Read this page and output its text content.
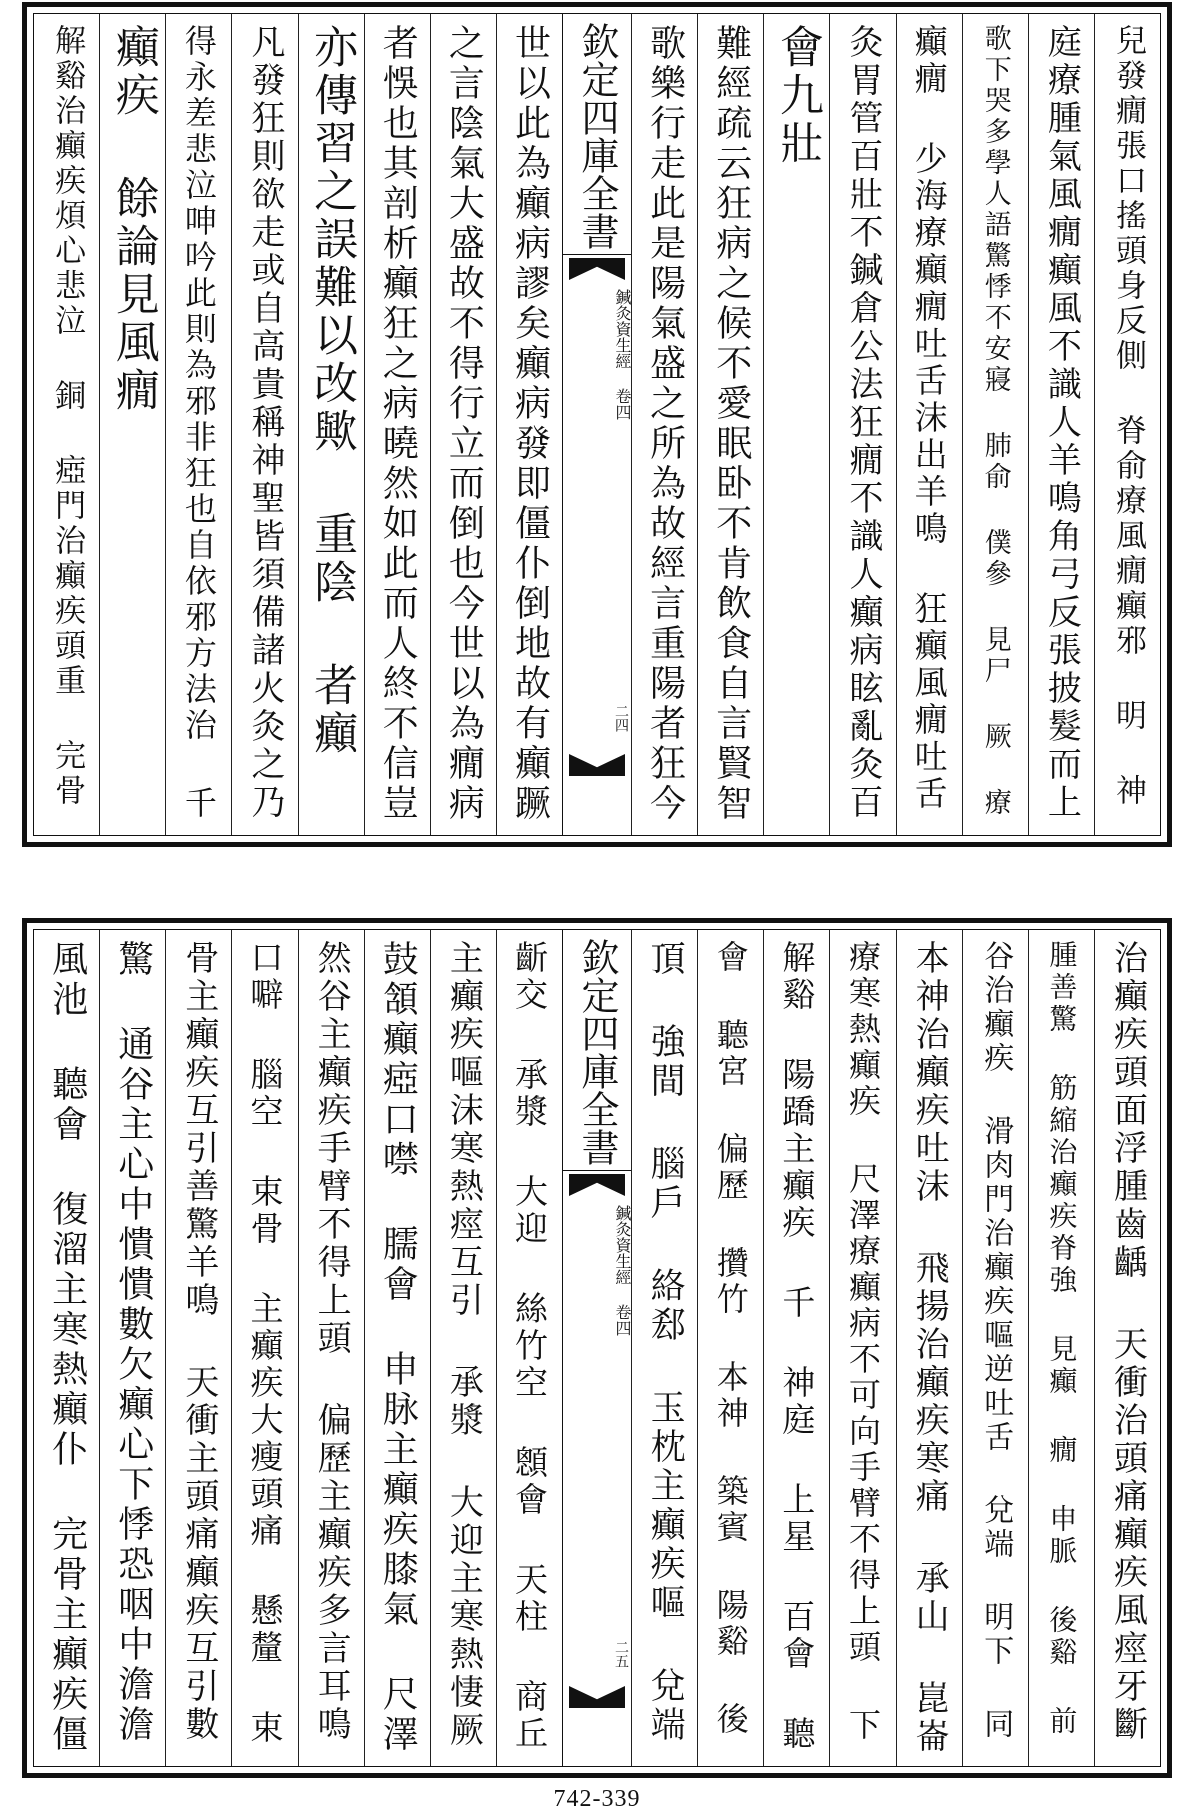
兒發癇張口搖頭身反側 脊俞療風癇癲邪 明 神
庭療腫氣風癇癲風不識人羊鳴角弓反張披髮而上
歌下哭多學人語驚悸不安寢 肺俞 僕參 見尸 厥 療
癲癇 少海療癲癇吐舌沫出羊鳴 狂癲風癇吐舌
灸胃管百壯不鍼倉公法狂癇不識人癲病眩亂灸百
會九壯
難經疏云狂病之候不愛眠卧不肯飲食自言賢智
歌樂行走此是陽氣盛之所為故經言重陽者狂今
欽定四庫全書
鍼灸資生經 卷四
二四
世以此為癲病謬矣癲病發即僵仆倒地故有癲蹶
之言陰氣大盛故不得行立而倒也今世以為癇病
者悞也其剖析癲狂之病曉然如此而人終不信豈
亦傳習之誤難以改歟 重陰 者癲
凡發狂則欲走或自高貴稱神聖皆須備諸火灸之乃
得永差悲泣呻吟此則為邪非狂也自依邪方法治 千
癲疾 餘論見風癇
解谿治癲疾煩心悲泣 銅 瘂門治癲疾頭重 完骨
治癲疾頭面浮腫齒齲 天衝治頭痛癲疾風痙牙斷
腫善驚 筋縮治癲疾脊強 見癲 癇 申脈 後谿 前
谷治癲疾 滑肉門治癲疾嘔逆吐舌 兌端 明下 同
本神治癲疾吐沫 飛揚治癲疾寒痛 承山 崑崙
療寒熱癲疾 尺澤療癲病不可向手臂不得上頭 下
解谿 陽蹻主癲疾 千 神庭 上星 百會 聽
會 聽宮 偏歷 攢竹 本神 築賓 陽谿 後
頂 強間 腦戶 絡郄 玉枕主癲疾嘔 兌端
欽定四庫全書
鍼灸資生經 卷四
二五
齗交 承漿 大迎 絲竹空 顖會 天柱 商丘
主癲疾嘔沫寒熱痙互引 承漿 大迎主寒熱悽厥
鼓頷癲瘂口噤 臑會 申脉主癲疾膝氣 尺澤
然谷主癲疾手臂不得上頭 偏歷主癲疾多言耳鳴
口噼 腦空 束骨 主癲疾大瘦頭痛 懸釐 束
骨主癲疾互引善驚羊鳴 天衝主頭痛癲疾互引數
驚 通谷主心中憒憒數欠癲心下悸恐咽中澹澹
風池 聽會 復溜主寒熱癲仆 完骨主癲疾僵
742-339
